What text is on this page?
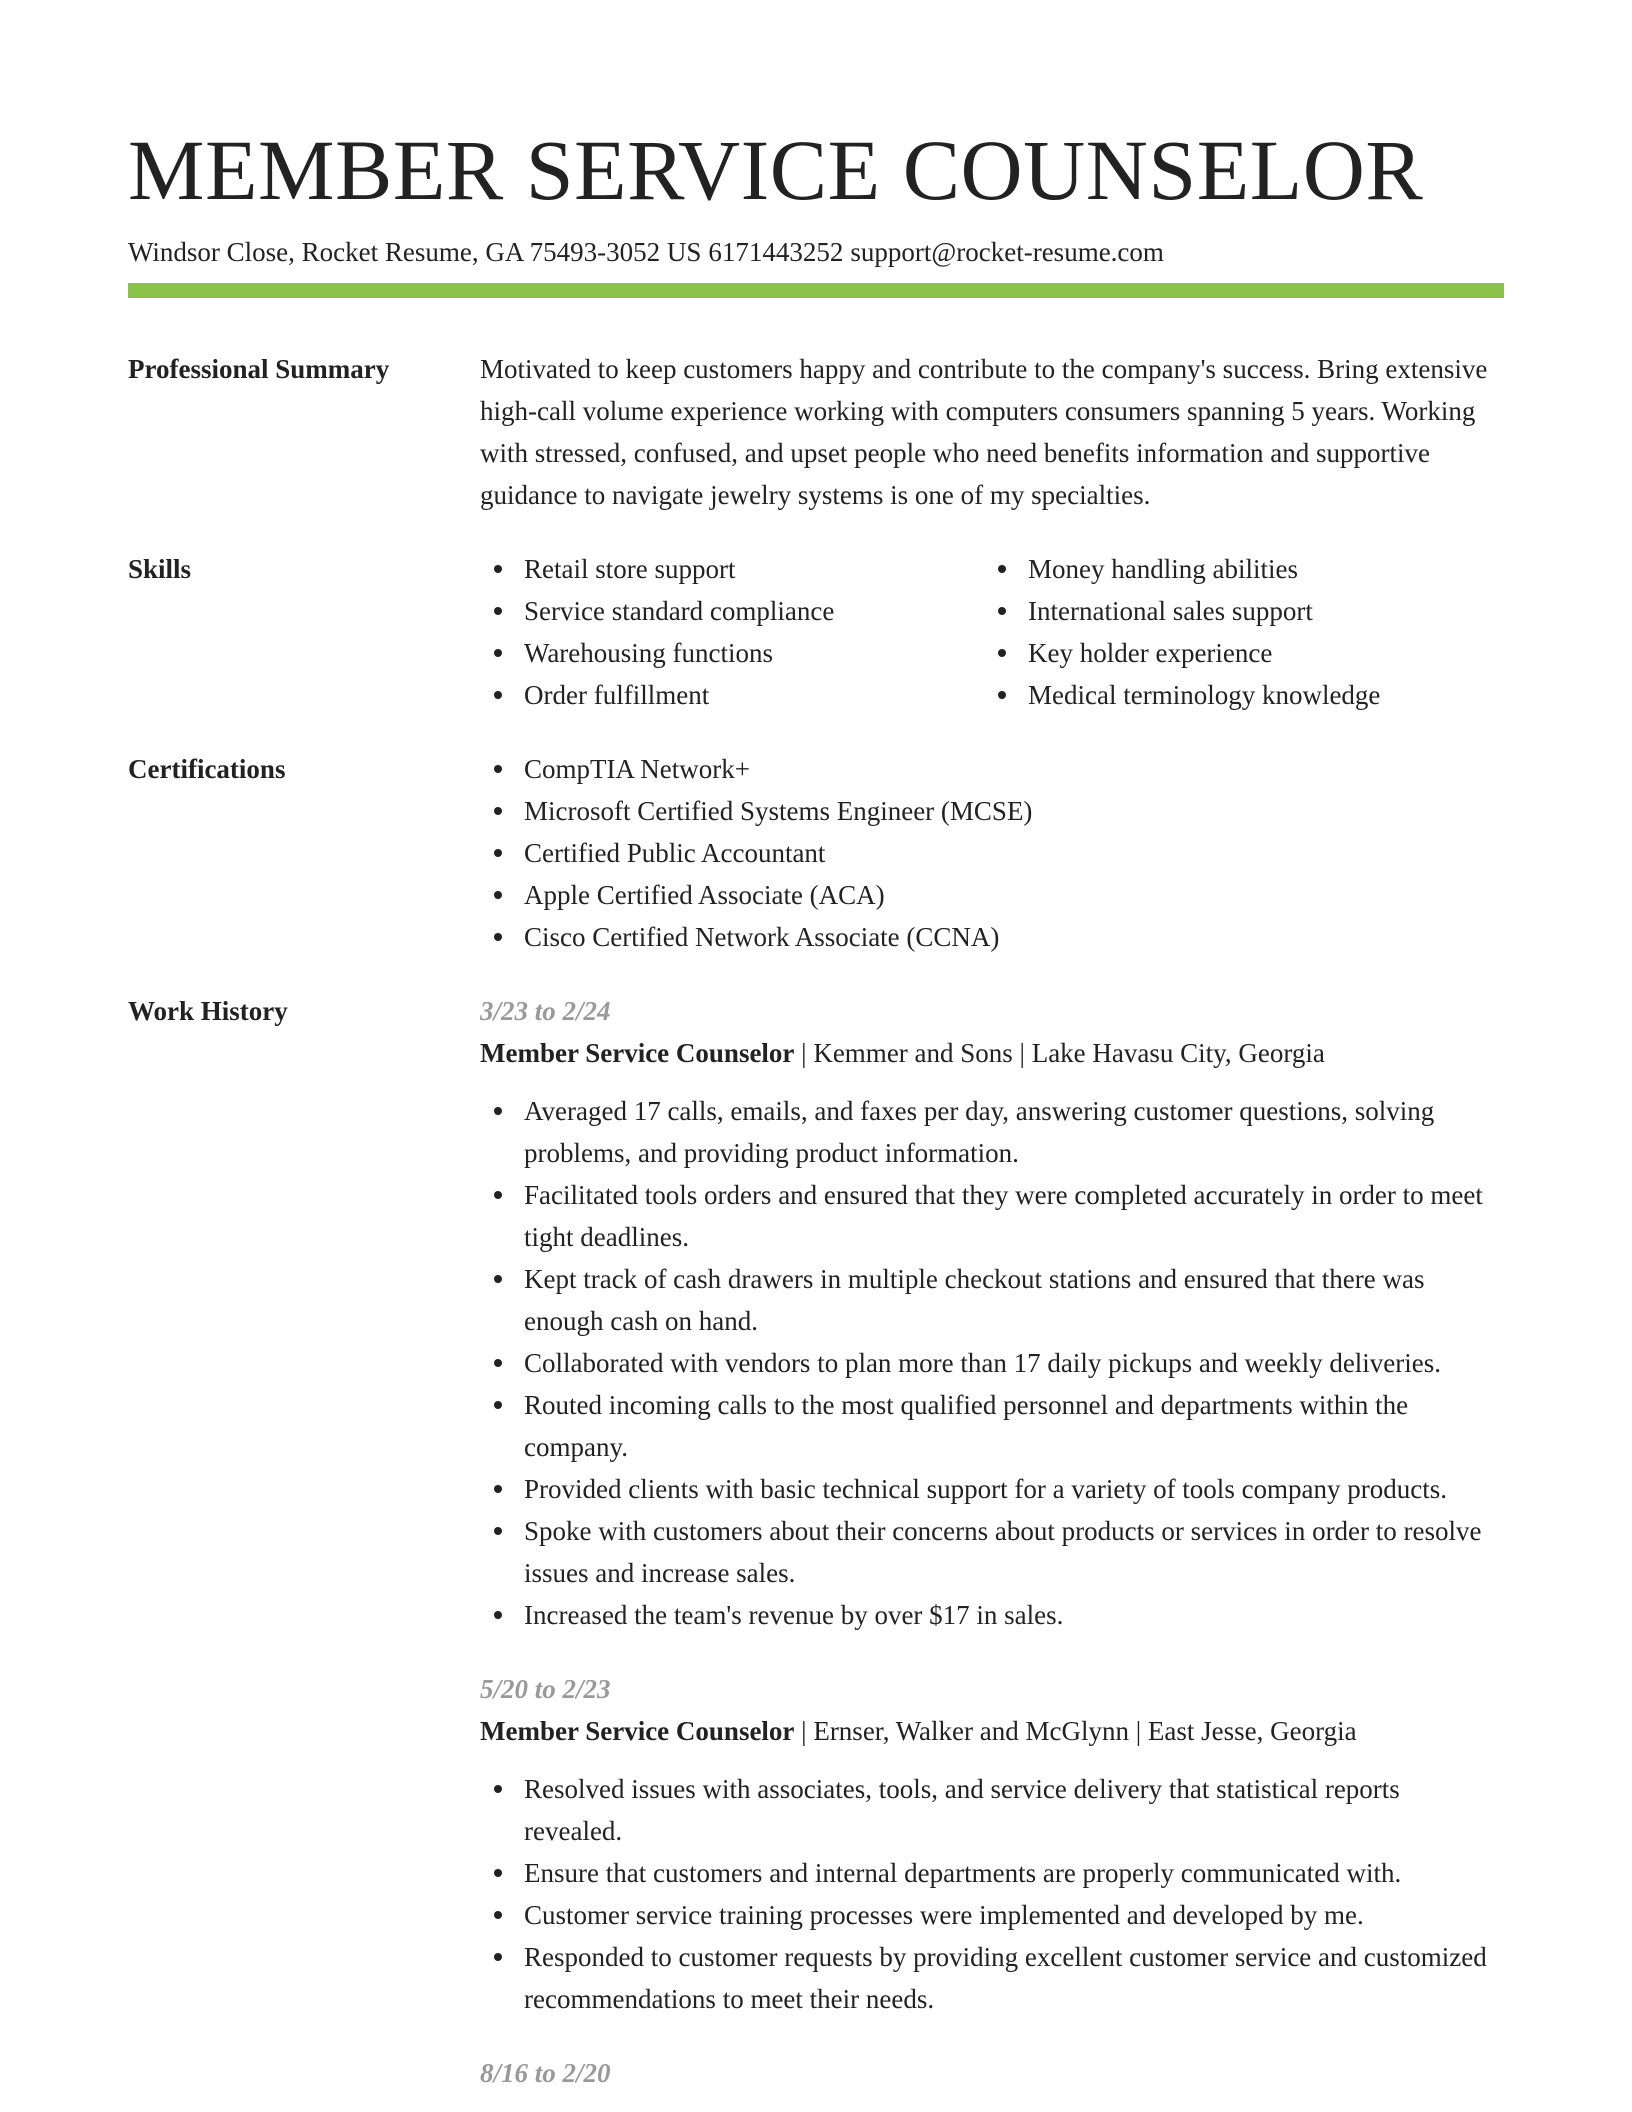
MEMBER SERVICE COUNSELOR
Windsor Close, Rocket Resume, GA 75493-3052 US 6171443252 support@rocket-resume.com
Professional Summary	Motivated to keep customers happy and contribute to the company's success. Bring extensive high-call volume experience working with computers consumers spanning 5 years. Working with stressed, confused, and upset people who need benefits information and supportive guidance to navigate jewelry systems is one of my specialties.
Skills	Retail store support
Service standard compliance
Warehousing functions
Order fulfillment
Money handling abilities
International sales support
Key holder experience
Medical terminology knowledge
Certifications	CompTIA Network+
Microsoft Certified Systems Engineer (MCSE)
Certified Public Accountant
Apple Certified Associate (ACA)
Cisco Certified Network Associate (CCNA)
Work History	3/23 to 2/24
Member Service Counselor | Kemmer and Sons | Lake Havasu City, Georgia
Averaged 17 calls, emails, and faxes per day, answering customer questions, solving problems, and providing product information.
Facilitated tools orders and ensured that they were completed accurately in order to meet tight deadlines.
Kept track of cash drawers in multiple checkout stations and ensured that there was enough cash on hand.
Collaborated with vendors to plan more than 17 daily pickups and weekly deliveries.
Routed incoming calls to the most qualified personnel and departments within the company.
Provided clients with basic technical support for a variety of tools company products.
Spoke with customers about their concerns about products or services in order to resolve issues and increase sales.
Increased the team's revenue by over $17 in sales.
5/20 to 2/23
Member Service Counselor | Ernser, Walker and McGlynn | East Jesse, Georgia
Resolved issues with associates, tools, and service delivery that statistical reports revealed.
Ensure that customers and internal departments are properly communicated with.
Customer service training processes were implemented and developed by me.
Responded to customer requests by providing excellent customer service and customized recommendations to meet their needs.
8/16 to 2/20
